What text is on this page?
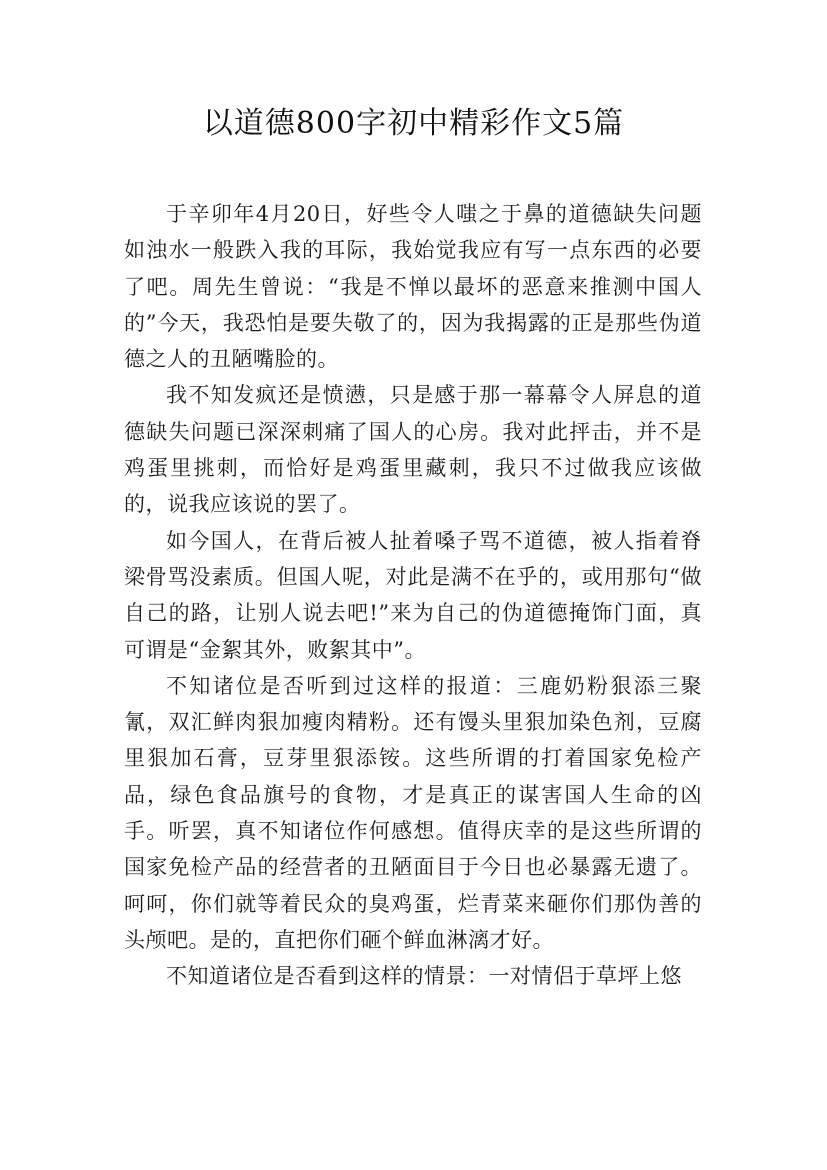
以道德800字初中精彩作文5篇

于辛卯年4月20日，好些令人嗤之于鼻的道德缺失问题如浊水一般跌入我的耳际，我始觉我应有写一点东西的必要了吧。周先生曾说：“我是不惮以最坏的恶意来推测中国人的”今天，我恐怕是要失敬了的，因为我揭露的正是那些伪道德之人的丑陋嘴脸的。

我不知发疯还是愤懑，只是感于那一幕幕令人屏息的道德缺失问题已深深刺痛了国人的心房。我对此抨击，并不是鸡蛋里挑刺，而恰好是鸡蛋里藏刺，我只不过做我应该做的，说我应该说的罢了。

如今国人，在背后被人扯着嗓子骂不道德，被人指着脊梁骨骂没素质。但国人呢，对此是满不在乎的，或用那句“做自己的路，让别人说去吧!”来为自己的伪道德掩饰门面，真可谓是“金絮其外，败絮其中”。

不知诸位是否听到过这样的报道：三鹿奶粉狠添三聚氰，双汇鲜肉狠加瘦肉精粉。还有馒头里狠加染色剂，豆腐里狠加石膏，豆芽里狠添铵。这些所谓的打着国家免检产品，绿色食品旗号的食物，才是真正的谋害国人生命的凶手。听罢，真不知诸位作何感想。值得庆幸的是这些所谓的国家免检产品的经营者的丑陋面目于今日也必暴露无遗了。呵呵，你们就等着民众的臭鸡蛋，烂青菜来砸你们那伪善的头颅吧。是的，直把你们砸个鲜血淋漓才好。

不知道诸位是否看到这样的情景：一对情侣于草坪上悠
